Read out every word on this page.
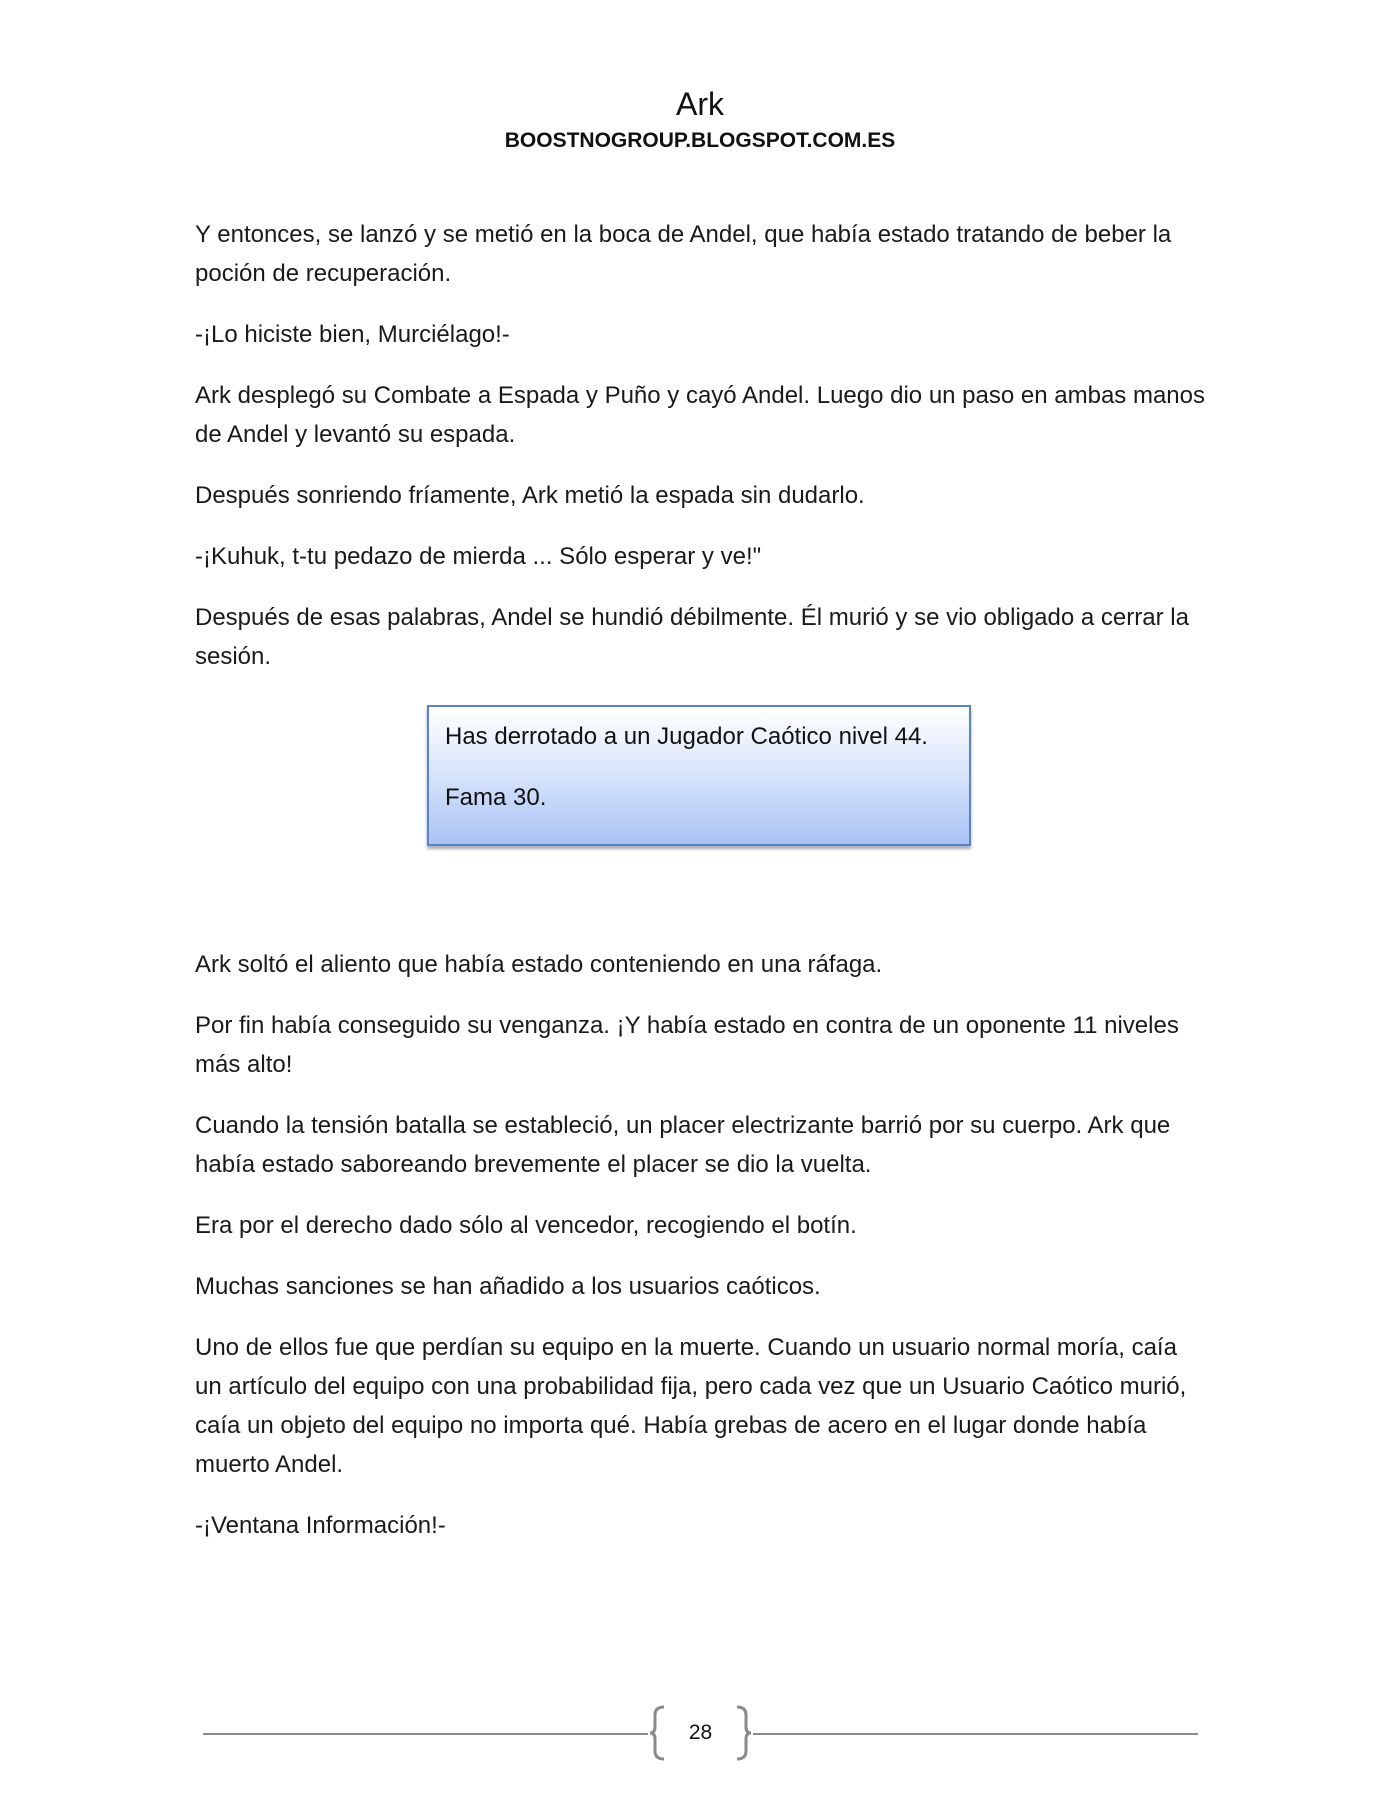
Ark
BOOSTNOGROUP.BLOGSPOT.COM.ES

Y entonces, se lanzó y se metió en la boca de Andel, que había estado tratando de beber la poción de recuperación.

-¡Lo hiciste bien, Murciélago!-

Ark desplegó su Combate a Espada y Puño y cayó Andel. Luego dio un paso en ambas manos de Andel y levantó su espada.

Después sonriendo fríamente, Ark metió la espada sin dudarlo.

-¡Kuhuk, t-tu pedazo de mierda ... Sólo esperar y ve!"

Después de esas palabras, Andel se hundió débilmente. Él murió y se vio obligado a cerrar la sesión.

Has derrotado a un Jugador Caótico nivel 44.

Fama 30.

Ark soltó el aliento que había estado conteniendo en una ráfaga.

Por fin había conseguido su venganza. ¡Y había estado en contra de un oponente 11 niveles más alto!

Cuando la tensión batalla se estableció, un placer electrizante barrió por su cuerpo. Ark que había estado saboreando brevemente el placer se dio la vuelta.

Era por el derecho dado sólo al vencedor, recogiendo el botín.

Muchas sanciones se han añadido a los usuarios caóticos.

Uno de ellos fue que perdían su equipo en la muerte. Cuando un usuario normal moría, caía un artículo del equipo con una probabilidad fija, pero cada vez que un Usuario Caótico murió, caía un objeto del equipo no importa qué. Había grebas de acero en el lugar donde había muerto Andel.

-¡Ventana Información!-

28
